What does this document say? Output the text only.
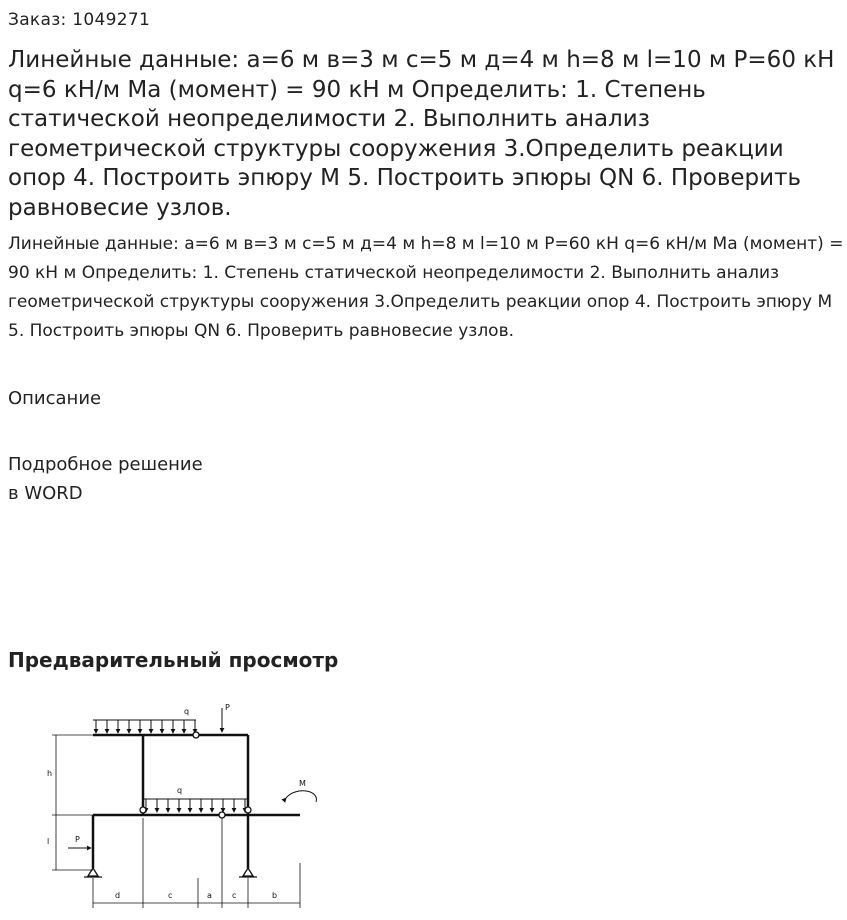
Заказ: 1049271
Линейные данные: а=6 м в=3 м с=5 м д=4 м h=8 м l=10 м P=60 кН q=6 кН/м Ма (момент) = 90 кН м Определить: 1. Степень статической неопределимости 2. Выполнить анализ геометрической структуры сооружения 3.Определить реакции опор 4. Построить эпюру М 5. Построить эпюры QN 6. Проверить равновесие узлов.

Линейные данные: а=6 м в=3 м с=5 м д=4 м h=8 м l=10 м P=60 кН q=6 кН/м Ма (момент) = 90 кН м Определить: 1. Степень статической неопределимости 2. Выполнить анализ геометрической структуры сооружения 3.Определить реакции опор 4. Построить эпюру М 5. Построить эпюры QN 6. Проверить равновесие узлов.

Описание
Подробное решение
в WORD
Предварительный просмотр
q	P
q
M
P
h
l
d	c	a	c	b
